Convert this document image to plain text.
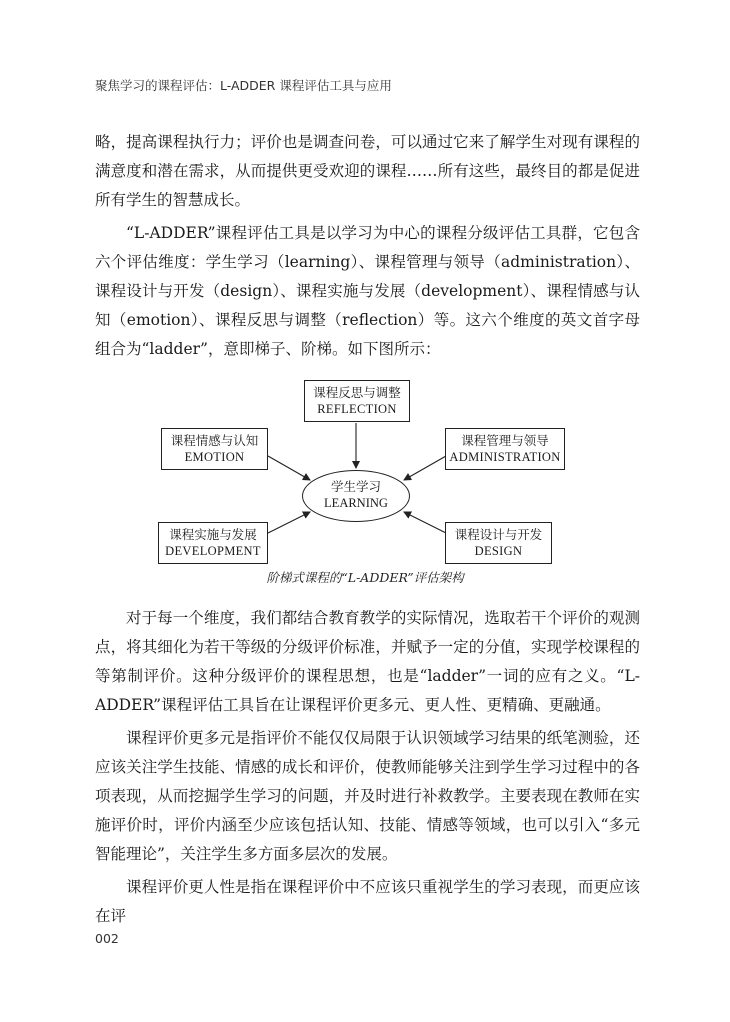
聚焦学习的课程评估：L-ADDER 课程评估工具与应用

略，提高课程执行力；评价也是调查问卷，可以通过它来了解学生对现有课程的满意度和潜在需求，从而提供更受欢迎的课程……所有这些，最终目的都是促进所有学生的智慧成长。

“L-ADDER”课程评估工具是以学习为中心的课程分级评估工具群，它包含六个评估维度：学生学习（learning）、课程管理与领导（administration）、课程设计与开发（design）、课程实施与发展（development）、课程情感与认知（emotion）、课程反思与调整（reflection）等。这六个维度的英文首字母组合为“ladder”，意即梯子、阶梯。如下图所示：

课程反思与调整
REFLECTION
课程情感与认知
EMOTION
课程管理与领导
ADMINISTRATION
课程实施与发展
DEVELOPMENT
课程设计与开发
DESIGN
学生学习
LEARNING
阶梯式课程的“L-ADDER”评估架构

对于每一个维度，我们都结合教育教学的实际情况，选取若干个评价的观测点，将其细化为若干等级的分级评价标准，并赋予一定的分值，实现学校课程的等第制评价。这种分级评价的课程思想，也是“ladder”一词的应有之义。“L-ADDER”课程评估工具旨在让课程评价更多元、更人性、更精确、更融通。

课程评价更多元是指评价不能仅仅局限于认识领域学习结果的纸笔测验，还应该关注学生技能、情感的成长和评价，使教师能够关注到学生学习过程中的各项表现，从而挖掘学生学习的问题，并及时进行补救教学。主要表现在教师在实施评价时，评价内涵至少应该包括认知、技能、情感等领域，也可以引入“多元智能理论”，关注学生多方面多层次的发展。

课程评价更人性是指在课程评价中不应该只重视学生的学习表现，而更应该在评

002
